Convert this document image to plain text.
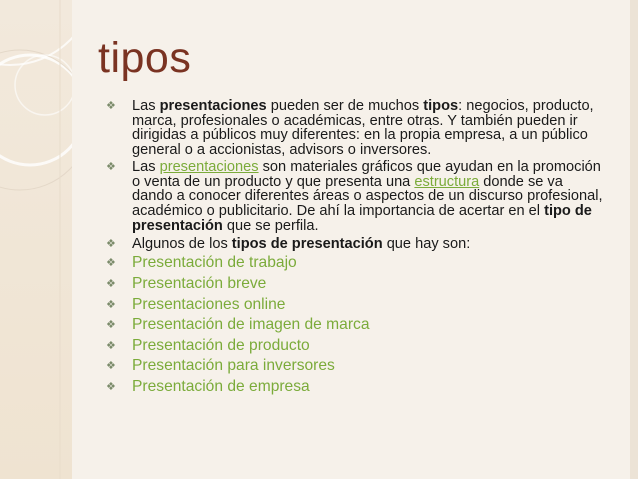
tipos
❖ Las presentaciones pueden ser de muchos tipos: negocios, producto, marca, profesionales o académicas, entre otras. Y también pueden ir dirigidas a públicos muy diferentes: en la propia empresa, a un público general o a accionistas, advisors o inversores.
❖ Las presentaciones son materiales gráficos que ayudan en la promoción o venta de un producto y que presenta una estructura donde se va dando a conocer diferentes áreas o aspectos de un discurso profesional, académico o publicitario. De ahí la importancia de acertar en el tipo de presentación que se perfila.
❖ Algunos de los tipos de presentación que hay son:
❖ Presentación de trabajo
❖ Presentación breve
❖ Presentaciones online
❖ Presentación de imagen de marca
❖ Presentación de producto
❖ Presentación para inversores
❖ Presentación de empresa
